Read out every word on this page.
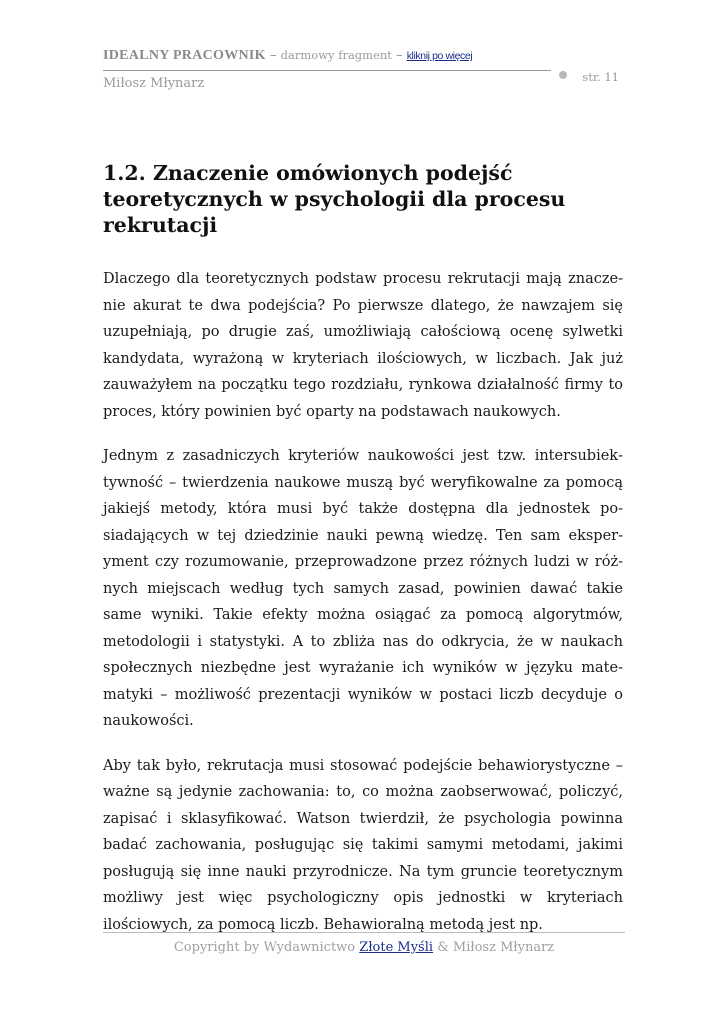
IDEALNY PRACOWNIK – darmowy fragment – kliknij po więcej
str. 11
Miłosz Młynarz
1.2. Znaczenie omówionych podejść teoretycznych w psychologii dla procesu rekrutacji

Dlaczego dla teoretycznych podstaw procesu rekrutacji mają znaczenie akurat te dwa podejścia? Po pierwsze dlatego, że nawzajem się uzupełniają, po drugie zaś, umożliwiają całościową ocenę sylwetki kandydata, wyrażoną w kryteriach ilościowych, w liczbach. Jak już zauważyłem na początku tego rozdziału, rynkowa działalność firmy to proces, który powinien być oparty na podstawach naukowych.

Jednym z zasadniczych kryteriów naukowości jest tzw. intersubiektywność – twierdzenia naukowe muszą być weryfikowalne za pomocą jakiejś metody, która musi być także dostępna dla jednostek posiadających w tej dziedzinie nauki pewną wiedzę. Ten sam eksperyment czy rozumowanie, przeprowadzone przez różnych ludzi w różnych miejscach według tych samych zasad, powinien dawać takie same wyniki. Takie efekty można osiągać za pomocą algorytmów, metodologii i statystyki. A to zbliża nas do odkrycia, że w naukach społecznych niezbędne jest wyrażanie ich wyników w języku matematyki – możliwość prezentacji wyników w postaci liczb decyduje o naukowości.

Aby tak było, rekrutacja musi stosować podejście behawiorystyczne – ważne są jedynie zachowania: to, co można zaobserwować, policzyć, zapisać i sklasyfikować. Watson twierdził, że psychologia powinna badać zachowania, posługując się takimi samymi metodami, jakimi posługują się inne nauki przyrodnicze. Na tym gruncie teoretycznym możliwy jest więc psychologiczny opis jednostki w kryteriach ilościowych, za pomocą liczb. Behawioralną metodą jest np.

Copyright by Wydawnictwo Złote Myśli & Miłosz Młynarz
